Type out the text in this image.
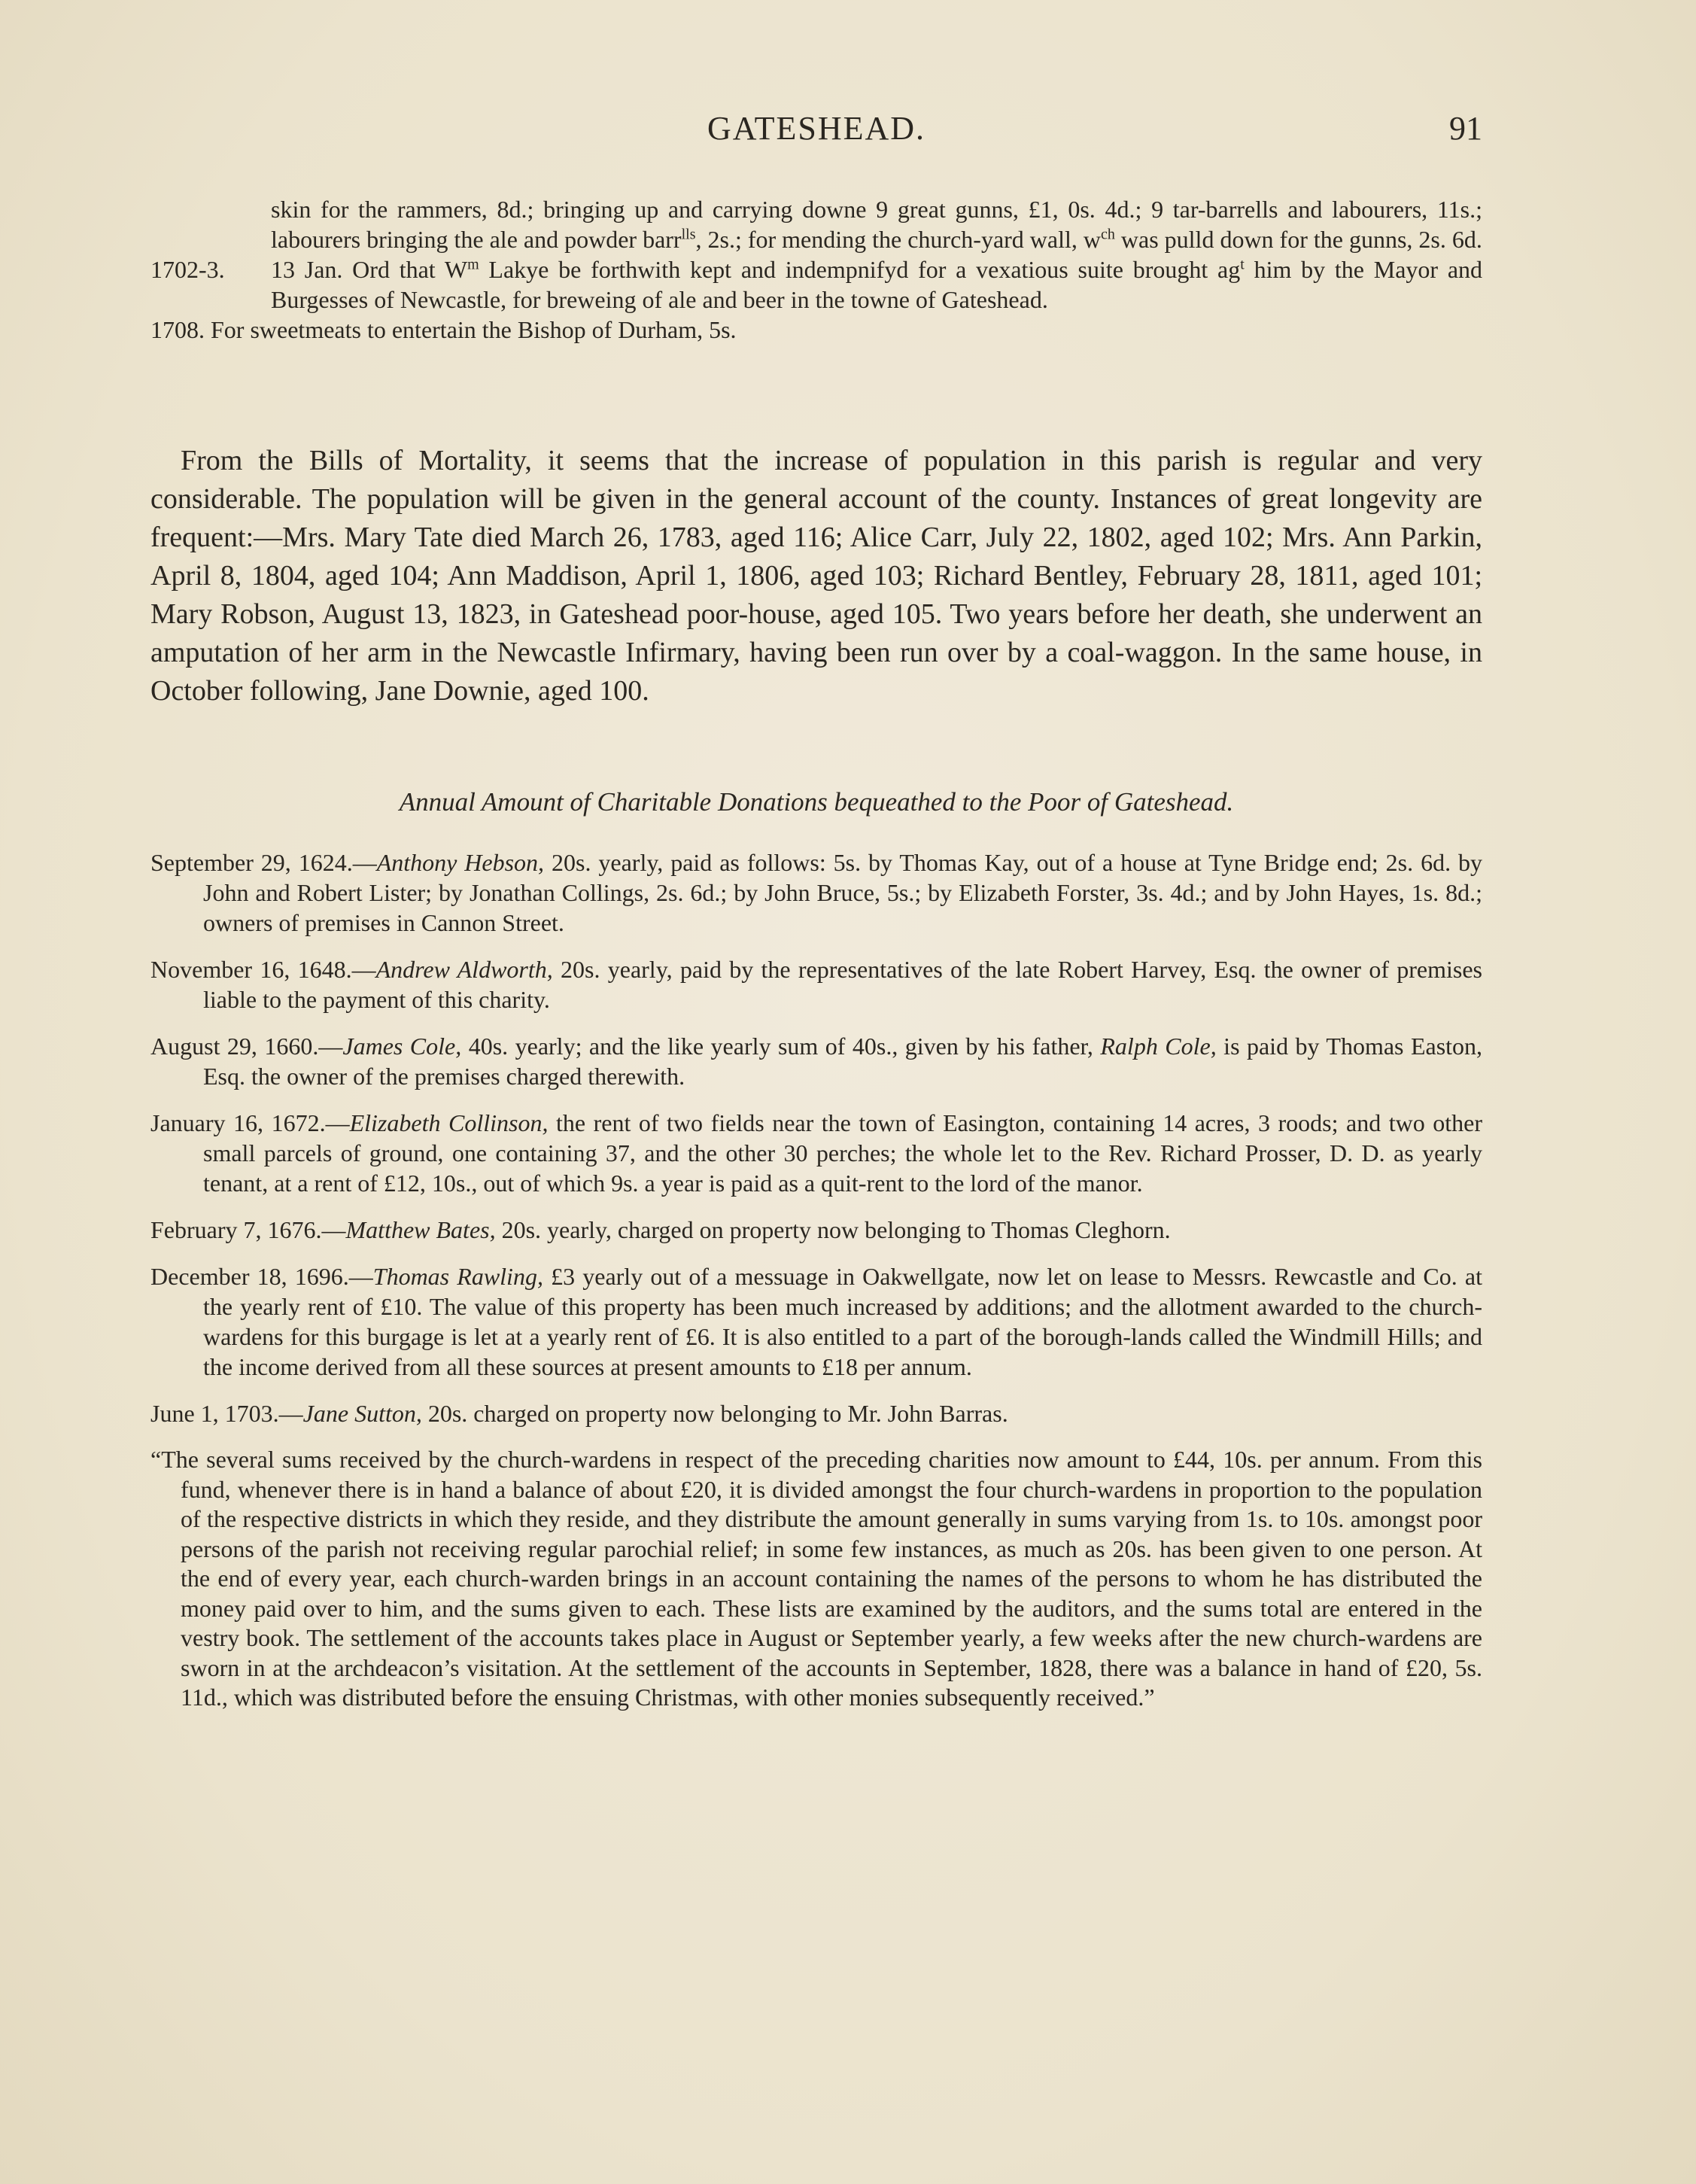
GATESHEAD.	91

skin for the rammers, 8d.; bringing up and carrying downe 9 great gunns, £1, 0s. 4d.; 9 tar-barrells and labourers, 11s.; labourers bringing the ale and powder barr$^{lls}$, 2s.; for mending the church-yard wall, $w^{ch}$ was pulld down for the gunns, 2s. 6d.

1702-3. 13 Jan. Ord that $W^m$ Lakye be forthwith kept and indempnifyd for a vexatious suite brought $ag^t$ him by the Mayor and Burgesses of Newcastle, for breweing of ale and beer in the towne of Gateshead.

1708. For sweetmeats to entertain the Bishop of Durham, 5s.

From the Bills of Mortality, it seems that the increase of population in this parish is regular and very considerable. The population will be given in the general account of the county. Instances of great longevity are frequent:—Mrs. Mary Tate died March 26, 1783, aged 116; Alice Carr, July 22, 1802, aged 102; Mrs. Ann Parkin, April 8, 1804, aged 104; Ann Maddison, April 1, 1806, aged 103; Richard Bentley, February 28, 1811, aged 101; Mary Robson, August 13, 1823, in Gateshead poor-house, aged 105. Two years before her death, she underwent an amputation of her arm in the Newcastle Infirmary, having been run over by a coal-waggon. In the same house, in October following, Jane Downie, aged 100.

Annual Amount of Charitable Donations bequeathed to the Poor of Gateshead.

September 29, 1624.—Anthony Hebson, 20s. yearly, paid as follows: 5s. by Thomas Kay, out of a house at Tyne Bridge end; 2s. 6d. by John and Robert Lister; by Jonathan Collings, 2s. 6d.; by John Bruce, 5s.; by Elizabeth Forster, 3s. 4d.; and by John Hayes, 1s. 8d.; owners of premises in Cannon Street.

November 16, 1648.—Andrew Aldworth, 20s. yearly, paid by the representatives of the late Robert Harvey, Esq. the owner of premises liable to the payment of this charity.

August 29, 1660.—James Cole, 40s. yearly; and the like yearly sum of 40s., given by his father, Ralph Cole, is paid by Thomas Easton, Esq. the owner of the premises charged therewith.

January 16, 1672.—Elizabeth Collinson, the rent of two fields near the town of Easington, containing 14 acres, 3 roods; and two other small parcels of ground, one containing 37, and the other 30 perches; the whole let to the Rev. Richard Prosser, D. D. as yearly tenant, at a rent of £12, 10s., out of which 9s. a year is paid as a quit-rent to the lord of the manor.

February 7, 1676.—Matthew Bates, 20s. yearly, charged on property now belonging to Thomas Cleghorn.

December 18, 1696.—Thomas Rawling, £3 yearly out of a messuage in Oakwellgate, now let on lease to Messrs. Rewcastle and Co. at the yearly rent of £10. The value of this property has been much increased by additions; and the allotment awarded to the church-wardens for this burgage is let at a yearly rent of £6. It is also entitled to a part of the borough-lands called the Windmill Hills; and the income derived from all these sources at present amounts to £18 per annum.

June 1, 1703.—Jane Sutton, 20s. charged on property now belonging to Mr. John Barras.

“The several sums received by the church-wardens in respect of the preceding charities now amount to £44, 10s. per annum. From this fund, whenever there is in hand a balance of about £20, it is divided amongst the four church-wardens in proportion to the population of the respective districts in which they reside, and they distribute the amount generally in sums varying from 1s. to 10s. amongst poor persons of the parish not receiving regular parochial relief; in some few instances, as much as 20s. has been given to one person. At the end of every year, each church-warden brings in an account containing the names of the persons to whom he has distributed the money paid over to him, and the sums given to each. These lists are examined by the auditors, and the sums total are entered in the vestry book. The settlement of the accounts takes place in August or September yearly, a few weeks after the new church-wardens are sworn in at the archdeacon’s visitation. At the settlement of the accounts in September, 1828, there was a balance in hand of £20, 5s. 11d., which was distributed before the ensuing Christmas, with other monies subsequently received.”
